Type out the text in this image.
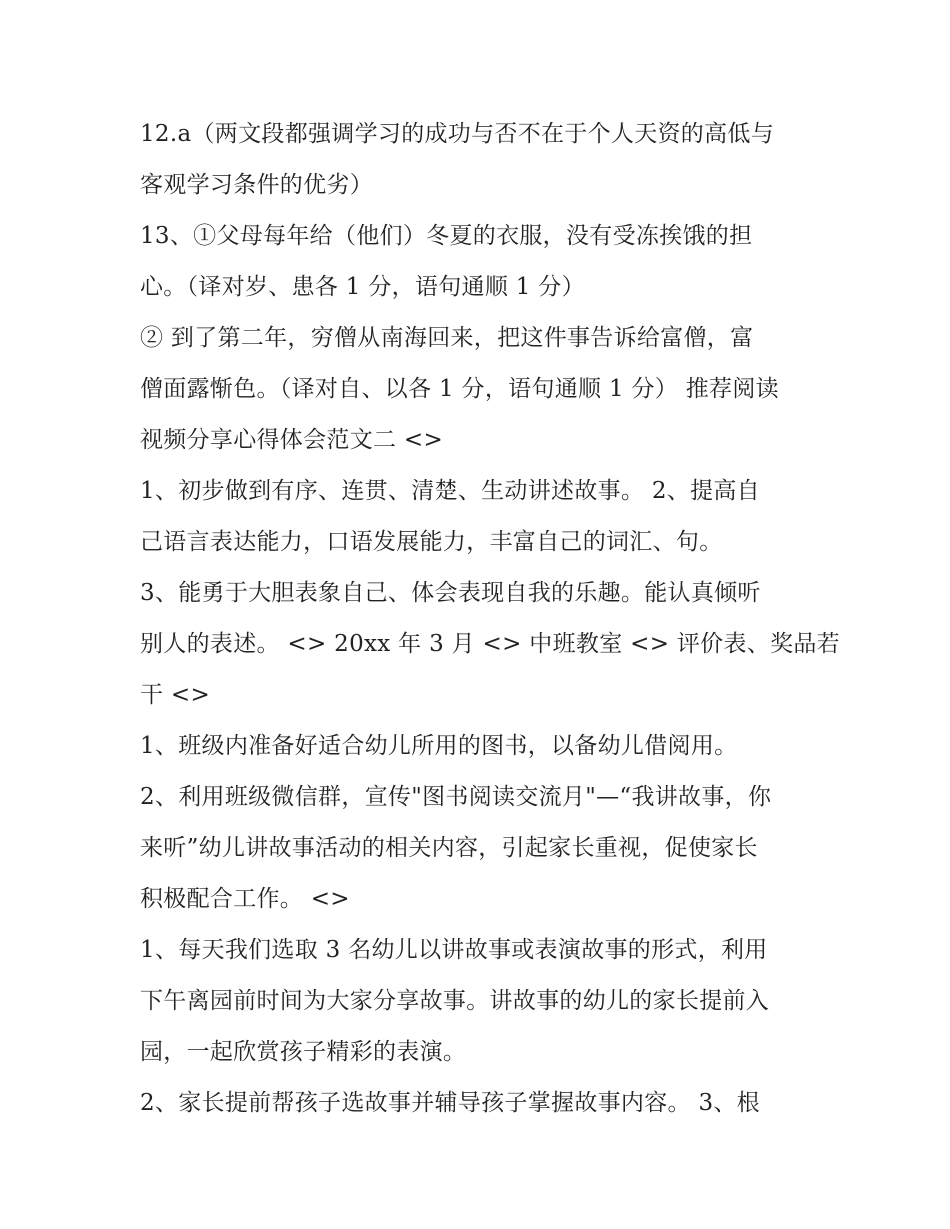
12.a（两文段都强调学习的成功与否不在于个人天资的高低与
客观学习条件的优劣）
13、①父母每年给（他们）冬夏的衣服，没有受冻挨饿的担
心。（译对岁、患各 1 分，语句通顺 1 分）
② 到了第二年，穷僧从南海回来，把这件事告诉给富僧，富
僧面露惭色。（译对自、以各 1 分，语句通顺 1 分） 推荐阅读
视频分享心得体会范文二 <>
1、初步做到有序、连贯、清楚、生动讲述故事。 2、提高自
己语言表达能力，口语发展能力，丰富自己的词汇、句。
3、能勇于大胆表象自己、体会表现自我的乐趣。能认真倾听
别人的表述。 <> 20xx 年 3 月 <> 中班教室 <> 评价表、奖品若
干 <>
1、班级内准备好适合幼儿所用的图书，以备幼儿借阅用。
2、利用班级微信群，宣传"图书阅读交流月"—“我讲故事，你
来听”幼儿讲故事活动的相关内容，引起家长重视，促使家长
积极配合工作。 <>
1、每天我们选取 3 名幼儿以讲故事或表演故事的形式，利用
下午离园前时间为大家分享故事。讲故事的幼儿的家长提前入
园，一起欣赏孩子精彩的表演。
2、家长提前帮孩子选故事并辅导孩子掌握故事内容。 3、根
